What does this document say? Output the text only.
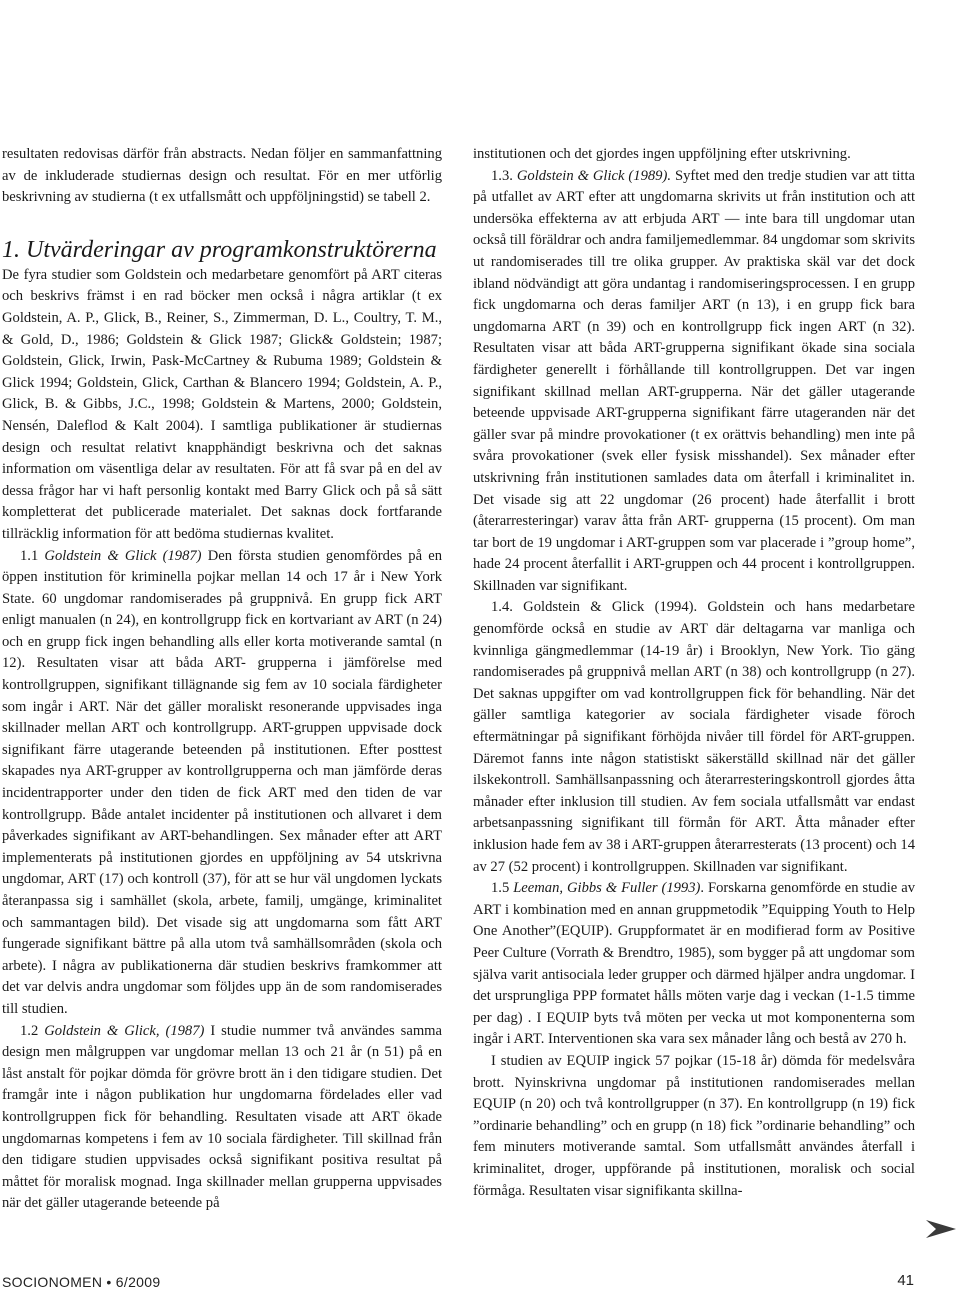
resultaten redovisas därför från abstracts. Nedan följer en sammanfattning av de inkluderade studiernas design och resultat. För en mer utförlig beskrivning av studierna (t ex utfallsmått och uppföljningstid) se tabell 2.

1. Utvärderingar av programkonstruktörerna

De fyra studier som Goldstein och medarbetare genomfört på ART citeras och beskrivs främst i en rad böcker men också i några artiklar (t ex Goldstein, A. P., Glick, B., Reiner, S., Zimmerman, D. L., Coultry, T. M., & Gold, D., 1986; Goldstein & Glick 1987; Glick& Goldstein; 1987; Goldstein, Glick, Irwin, Pask-McCartney & Rubuma 1989; Goldstein & Glick 1994; Goldstein, Glick, Carthan & Blancero 1994; Goldstein, A. P., Glick, B. & Gibbs, J.C., 1998; Goldstein & Martens, 2000; Goldstein, Nensén, Daleflod & Kalt 2004). I samtliga publikationer är studiernas design och resultat relativt knapphändigt beskrivna och det saknas information om väsentliga delar av resultaten. För att få svar på en del av dessa frågor har vi haft personlig kontakt med Barry Glick och på så sätt kompletterat det publicerade materialet. Det saknas dock fortfarande tillräcklig information för att bedöma studiernas kvalitet.

1.1 Goldstein & Glick (1987) Den första studien genomfördes på en öppen institution för kriminella pojkar mellan 14 och 17 år i New York State. 60 ungdomar randomiserades på gruppnivå. En grupp fick ART enligt manualen (n 24), en kontrollgrupp fick en kortvariant av ART (n 24) och en grupp fick ingen behandling alls eller korta motiverande samtal (n 12). Resultaten visar att båda ART- grupperna i jämförelse med kontrollgruppen, signifikant tillägnande sig fem av 10 sociala färdigheter som ingår i ART. När det gäller moraliskt resonerande uppvisades inga skillnader mellan ART och kontrollgrupp. ART-gruppen uppvisade dock signifikant färre utagerande beteenden på institutionen. Efter posttest skapades nya ART-grupper av kontrollgrupperna och man jämförde deras incidentrapporter under den tiden de fick ART med den tiden de var kontrollgrupp. Både antalet incidenter på institutionen och allvaret i dem påverkades signifikant av ART-behandlingen. Sex månader efter att ART implementerats på institutionen gjordes en uppföljning av 54 utskrivna ungdomar, ART (17) och kontroll (37), för att se hur väl ungdomen lyckats återanpassa sig i samhället (skola, arbete, familj, umgänge, kriminalitet och sammantagen bild). Det visade sig att ungdomarna som fått ART fungerade signifikant bättre på alla utom två samhällsområden (skola och arbete). I några av publikationerna där studien beskrivs framkommer att det var delvis andra ungdomar som följdes upp än de som randomiserades till studien.

1.2 Goldstein & Glick, (1987) I studie nummer två användes samma design men målgruppen var ungdomar mellan 13 och 21 år (n 51) på en låst anstalt för pojkar dömda för grövre brott än i den tidigare studien. Det framgår inte i någon publikation hur ungdomarna fördelades eller vad kontrollgruppen fick för behandling. Resultaten visade att ART ökade ungdomarnas kompetens i fem av 10 sociala färdigheter. Till skillnad från den tidigare studien uppvisades också signifikant positiva resultat på måttet för moralisk mognad. Inga skillnader mellan grupperna uppvisades när det gäller utagerande beteende på

institutionen och det gjordes ingen uppföljning efter utskrivning.

1.3. Goldstein & Glick (1989). Syftet med den tredje studien var att titta på utfallet av ART efter att ungdomarna skrivits ut från institution och att undersöka effekterna av att erbjuda ART — inte bara till ungdomar utan också till föräldrar och andra familjemedlemmar. 84 ungdomar som skrivits ut randomiserades till tre olika grupper. Av praktiska skäl var det dock ibland nödvändigt att göra undantag i randomiseringsprocessen. I en grupp fick ungdomarna och deras familjer ART (n 13), i en grupp fick bara ungdomarna ART (n 39) och en kontrollgrupp fick ingen ART (n 32). Resultaten visar att båda ART-grupperna signifikant ökade sina sociala färdigheter generellt i förhållande till kontrollgruppen. Det var ingen signifikant skillnad mellan ART-grupperna. När det gäller utagerande beteende uppvisade ART-grupperna signifikant färre utageranden när det gäller svar på mindre provokationer (t ex orättvis behandling) men inte på svåra provokationer (svek eller fysisk misshandel). Sex månader efter utskrivning från institutionen samlades data om återfall i kriminalitet in. Det visade sig att 22 ungdomar (26 procent) hade återfallit i brott (återarresteringar) varav åtta från ART- grupperna (15 procent). Om man tar bort de 19 ungdomar i ART-gruppen som var placerade i ”group home”, hade 24 procent återfallit i ART-gruppen och 44 procent i kontrollgruppen. Skillnaden var signifikant.

1.4. Goldstein & Glick (1994). Goldstein och hans medarbetare genomförde också en studie av ART där deltagarna var manliga och kvinnliga gängmedlemmar (14-19 år) i Brooklyn, New York. Tio gäng randomiserades på gruppnivå mellan ART (n 38) och kontrollgrupp (n 27). Det saknas uppgifter om vad kontrollgruppen fick för behandling. När det gäller samtliga kategorier av sociala färdigheter visade föroch eftermätningar på signifikant förhöjda nivåer till fördel för ART-gruppen. Däremot fanns inte någon statistiskt säkerställd skillnad när det gäller ilskekontroll. Samhällsanpassning och återarresteringskontroll gjordes åtta månader efter inklusion till studien. Av fem sociala utfallsmått var endast arbetsanpassning signifikant till förmån för ART. Åtta månader efter inklusion hade fem av 38 i ART-gruppen återarresterats (13 procent) och 14 av 27 (52 procent) i kontrollgruppen. Skillnaden var signifikant.

1.5 Leeman, Gibbs & Fuller (1993). Forskarna genomförde en studie av ART i kombination med en annan gruppmetodik ”Equipping Youth to Help One Another”(EQUIP). Gruppformatet är en modifierad form av Positive Peer Culture (Vorrath & Brendtro, 1985), som bygger på att ungdomar som själva varit antisociala leder grupper och därmed hjälper andra ungdomar. I det ursprungliga PPP formatet hålls möten varje dag i veckan (1-1.5 timme per dag) . I EQUIP byts två möten per vecka ut mot komponenterna som ingår i ART. Interventionen ska vara sex månader lång och bestå av 270 h.

I studien av EQUIP ingick 57 pojkar (15-18 år) dömda för medelsvåra brott. Nyinskrivna ungdomar på institutionen randomiserades mellan EQUIP (n 20) och två kontrollgrupper (n 37). En kontrollgrupp (n 19) fick ”ordinarie behandling” och en grupp (n 18) fick ”ordinarie behandling” och fem minuters motiverande samtal. Som utfallsmått användes återfall i kriminalitet, droger, uppförande på institutionen, moralisk och social förmåga. Resultaten visar signifikanta skillna-

SOCIONOMEN • 6/2009	41
